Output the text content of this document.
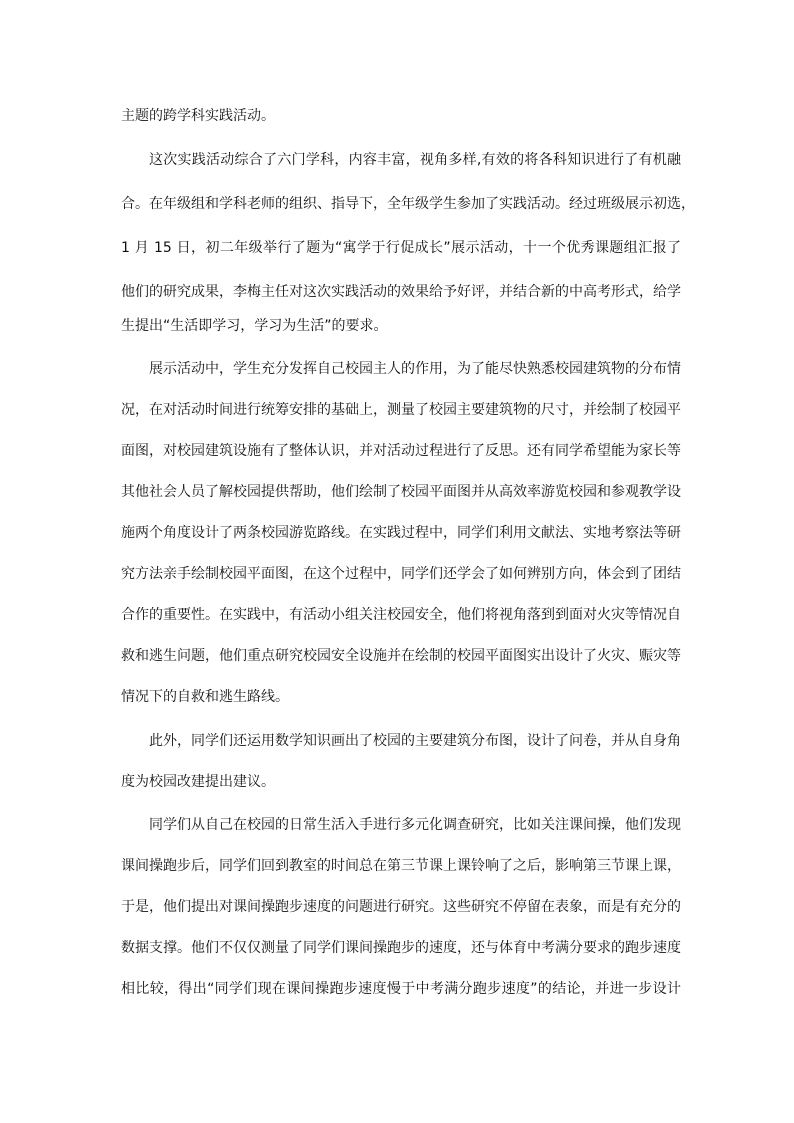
主题的跨学科实践活动。
这次实践活动综合了六门学科，内容丰富，视角多样,有效的将各科知识进行了有机融
合。在年级组和学科老师的组织、指导下，全年级学生参加了实践活动。经过班级展示初选，
1 月 15 日，初二年级举行了题为“寓学于行促成长”展示活动，十一个优秀课题组汇报了
他们的研究成果，李梅主任对这次实践活动的效果给予好评，并结合新的中高考形式，给学
生提出“生活即学习，学习为生活”的要求。
展示活动中，学生充分发挥自己校园主人的作用，为了能尽快熟悉校园建筑物的分布情
况，在对活动时间进行统筹安排的基础上，测量了校园主要建筑物的尺寸，并绘制了校园平
面图，对校园建筑设施有了整体认识，并对活动过程进行了反思。还有同学希望能为家长等
其他社会人员了解校园提供帮助，他们绘制了校园平面图并从高效率游览校园和参观教学设
施两个角度设计了两条校园游览路线。在实践过程中，同学们利用文献法、实地考察法等研
究方法亲手绘制校园平面图，在这个过程中，同学们还学会了如何辨别方向，体会到了团结
合作的重要性。在实践中，有活动小组关注校园安全，他们将视角落到到面对火灾等情况自
救和逃生问题，他们重点研究校园安全设施并在绘制的校园平面图实出设计了火灾、赈灾等
情况下的自救和逃生路线。
此外，同学们还运用数学知识画出了校园的主要建筑分布图，设计了问卷，并从自身角
度为校园改建提出建议。
同学们从自己在校园的日常生活入手进行多元化调查研究，比如关注课间操，他们发现
课间操跑步后，同学们回到教室的时间总在第三节课上课铃响了之后，影响第三节课上课，
于是，他们提出对课间操跑步速度的问题进行研究。这些研究不停留在表象，而是有充分的
数据支撑。他们不仅仅测量了同学们课间操跑步的速度，还与体育中考满分要求的跑步速度
相比较，得出“同学们现在课间操跑步速度慢于中考满分跑步速度”的结论，并进一步设计
